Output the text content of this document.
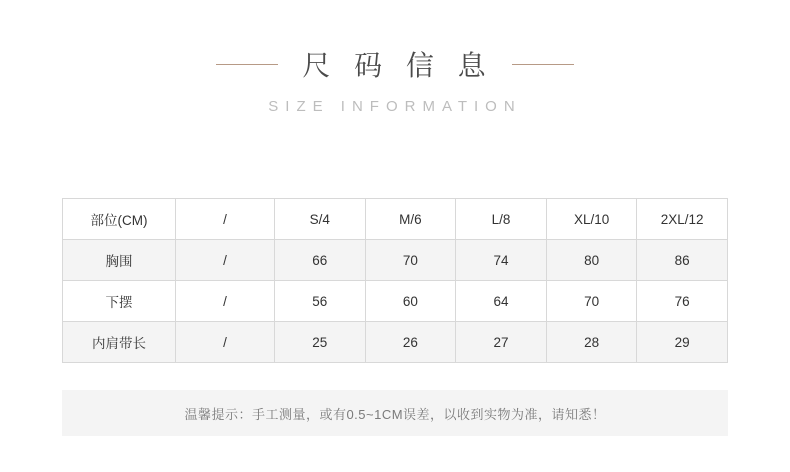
尺 码 信 息
SIZE INFORMATION
部位(CM)	/	S/4	M/6	L/8	XL/10	2XL/12
胸围	/	66	70	74	80	86
下摆	/	56	60	64	70	76
内肩带长	/	25	26	27	28	29
温馨提示：手工测量，或有0.5~1CM误差，以收到实物为准，请知悉！
